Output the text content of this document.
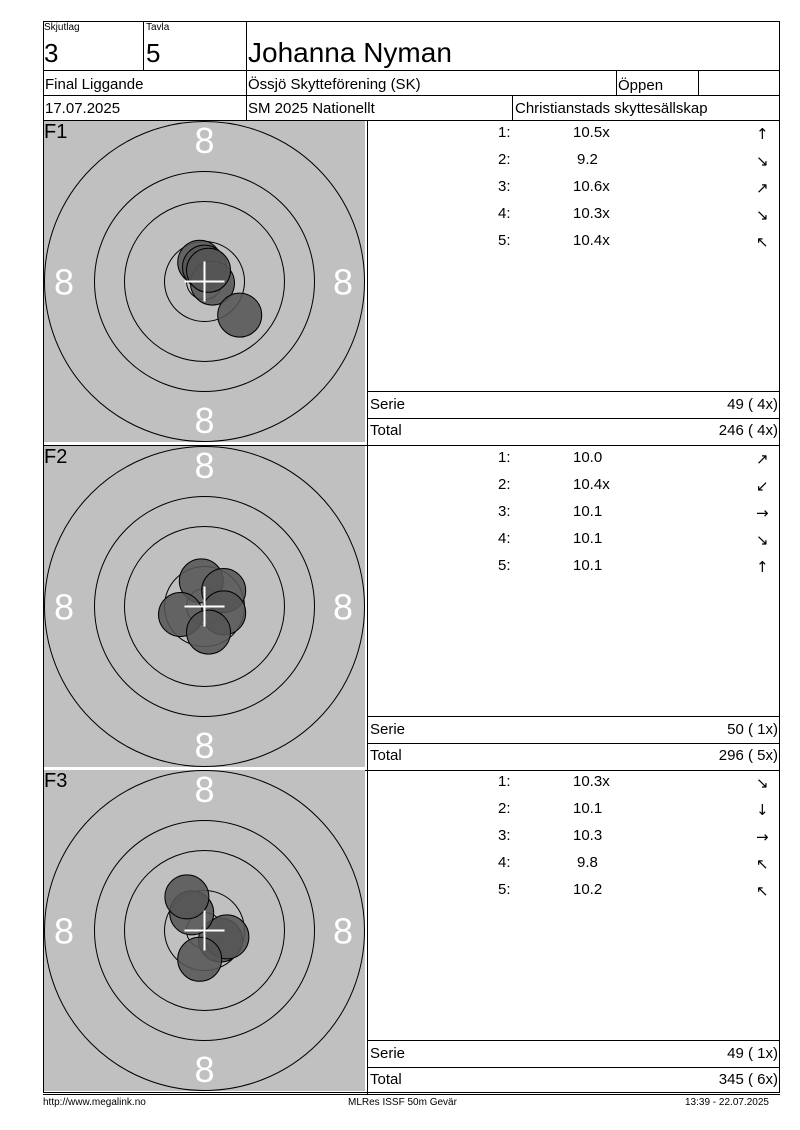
Skjutlag
3
Tavla
5	Johanna Nyman
Final Liggande	Össjö Skytteförening (SK)	Öppen
17.07.2025	SM 2025 Nationellt	Christianstads skyttesällskap
8
8
8	8
F1	1:	10.5x	↑
2:	9.2	↘
3:	10.6x	↗
4:	10.3x	↘
5:	10.4x	↖
Serie	49 ( 4x)
Total	246 ( 4x)
8
8
8	8
F2	1:	10.0	↗
2:	10.4x	↙
3:	10.1	→
4:	10.1	↘
5:	10.1	↑
Serie	50 ( 1x)
Total	296 ( 5x)
8
8
8	8
F3	1:	10.3x	↘
2:	10.1	↓
3:	10.3	→
4:	9.8	↖
5:	10.2	↖
Serie	49 ( 1x)
Total	345 ( 6x)
http://www.megalink.no	MLRes ISSF 50m Gevär	13:39 - 22.07.2025
